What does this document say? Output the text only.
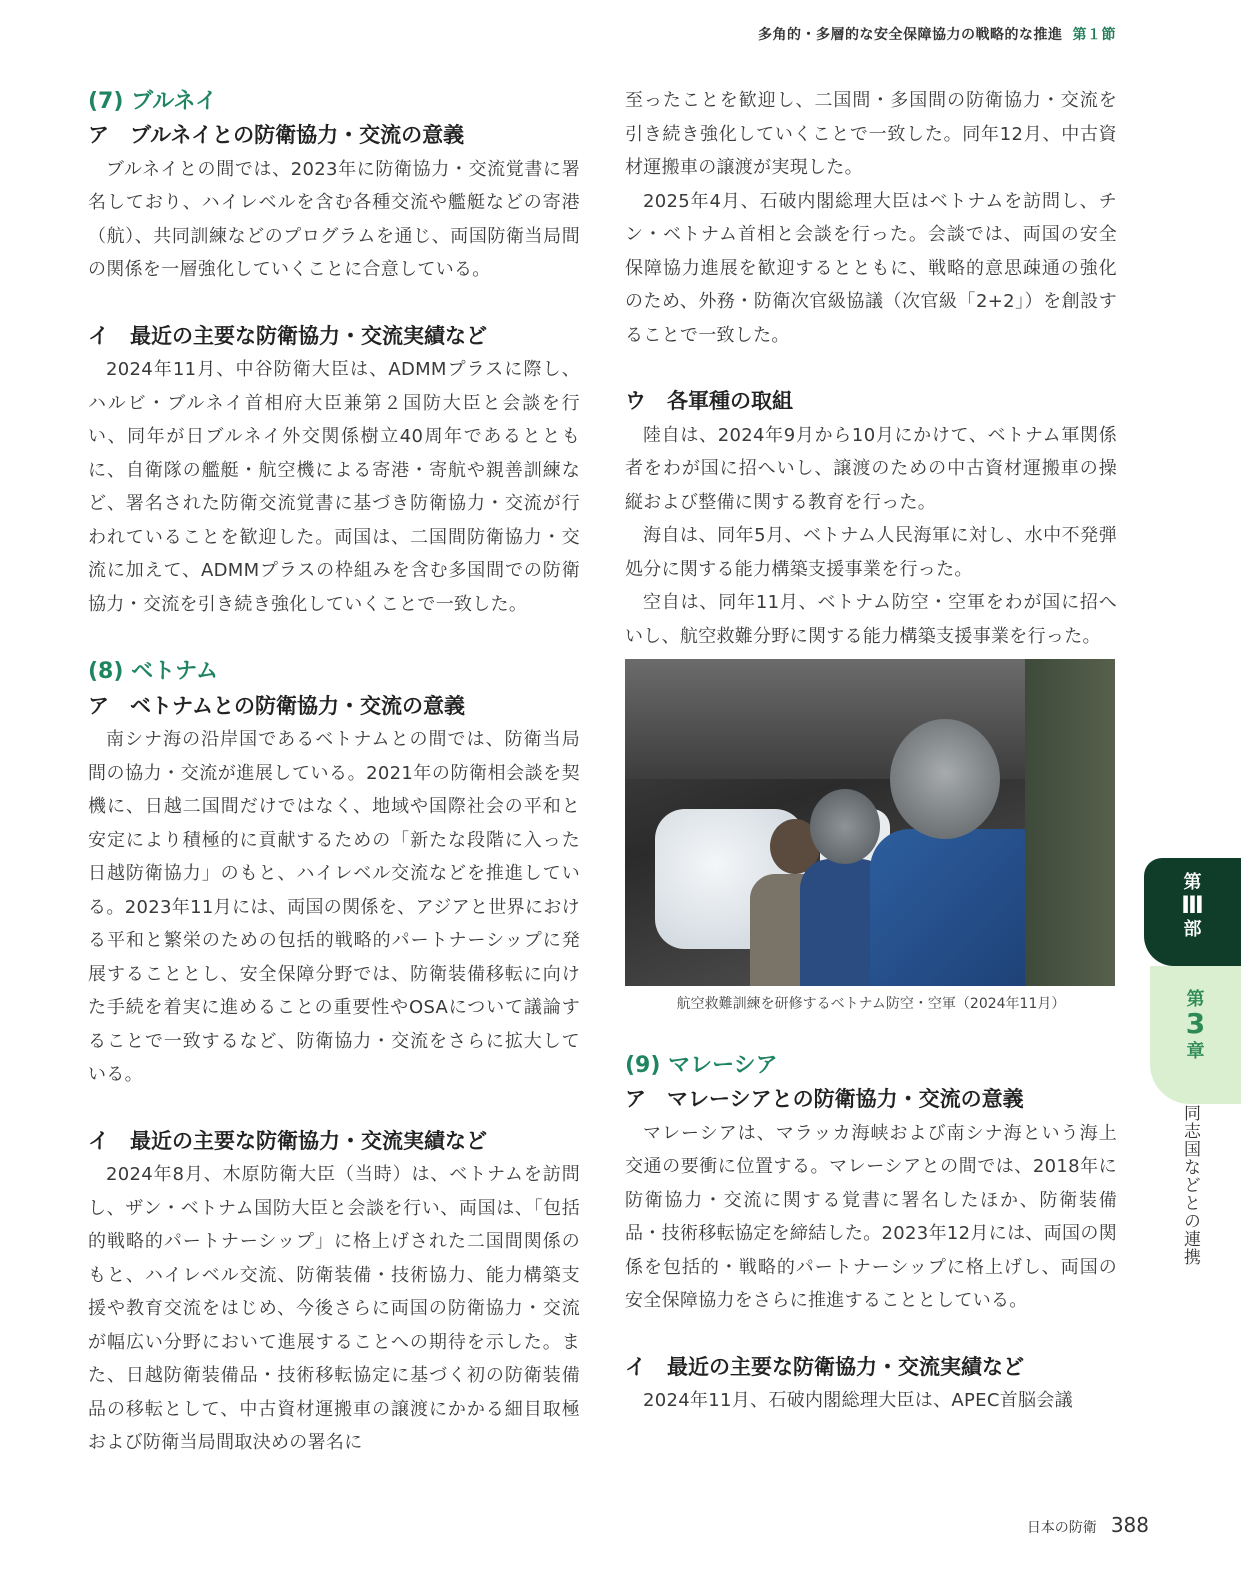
多角的・多層的な安全保障協力の戦略的な推進 第１節
(7) ブルネイ
ア　ブルネイとの防衛協力・交流の意義

ブルネイとの間では、2023年に防衛協力・交流覚書に署名しており、ハイレベルを含む各種交流や艦艇などの寄港（航）、共同訓練などのプログラムを通じ、両国防衛当局間の関係を一層強化していくことに合意している。

イ　最近の主要な防衛協力・交流実績など

2024年11月、中谷防衛大臣は、ADMMプラスに際し、ハルビ・ブルネイ首相府大臣兼第２国防大臣と会談を行い、同年が日ブルネイ外交関係樹立40周年であるとともに、自衛隊の艦艇・航空機による寄港・寄航や親善訓練など、署名された防衛交流覚書に基づき防衛協力・交流が行われていることを歓迎した。両国は、二国間防衛協力・交流に加えて、ADMMプラスの枠組みを含む多国間での防衛協力・交流を引き続き強化していくことで一致した。

(8) ベトナム
ア　ベトナムとの防衛協力・交流の意義

南シナ海の沿岸国であるベトナムとの間では、防衛当局間の協力・交流が進展している。2021年の防衛相会談を契機に、日越二国間だけではなく、地域や国際社会の平和と安定により積極的に貢献するための「新たな段階に入った日越防衛協力」のもと、ハイレベル交流などを推進している。2023年11月には、両国の関係を、アジアと世界における平和と繁栄のための包括的戦略的パートナーシップに発展することとし、安全保障分野では、防衛装備移転に向けた手続を着実に進めることの重要性やOSAについて議論することで一致するなど、防衛協力・交流をさらに拡大している。

イ　最近の主要な防衛協力・交流実績など

2024年8月、木原防衛大臣（当時）は、ベトナムを訪問し、ザン・ベトナム国防大臣と会談を行い、両国は、「包括的戦略的パートナーシップ」に格上げされた二国間関係のもと、ハイレベル交流、防衛装備・技術協力、能力構築支援や教育交流をはじめ、今後さらに両国の防衛協力・交流が幅広い分野において進展することへの期待を示した。また、日越防衛装備品・技術移転協定に基づく初の防衛装備品の移転として、中古資材運搬車の譲渡にかかる細目取極および防衛当局間取決めの署名に

至ったことを歓迎し、二国間・多国間の防衛協力・交流を引き続き強化していくことで一致した。同年12月、中古資材運搬車の譲渡が実現した。

2025年4月、石破内閣総理大臣はベトナムを訪問し、チン・ベトナム首相と会談を行った。会談では、両国の安全保障協力進展を歓迎するとともに、戦略的意思疎通の強化のため、外務・防衛次官級協議（次官級「2+2」）を創設することで一致した。

ウ　各軍種の取組

陸自は、2024年9月から10月にかけて、ベトナム軍関係者をわが国に招へいし、譲渡のための中古資材運搬車の操縦および整備に関する教育を行った。

海自は、同年5月、ベトナム人民海軍に対し、水中不発弾処分に関する能力構築支援事業を行った。

空自は、同年11月、ベトナム防空・空軍をわが国に招へいし、航空救難分野に関する能力構築支援事業を行った。

航空救難訓練を研修するベトナム防空・空軍（2024年11月）

(9) マレーシア
ア　マレーシアとの防衛協力・交流の意義

マレーシアは、マラッカ海峡および南シナ海という海上交通の要衝に位置する。マレーシアとの間では、2018年に防衛協力・交流に関する覚書に署名したほか、防衛装備品・技術移転協定を締結した。2023年12月には、両国の関係を包括的・戦略的パートナーシップに格上げし、両国の安全保障協力をさらに推進することとしている。

イ　最近の主要な防衛協力・交流実績など

2024年11月、石破内閣総理大臣は、APEC首脳会議

第
Ⅲ
部
第
3
章
同志国などとの連携
日本の防衛 388
